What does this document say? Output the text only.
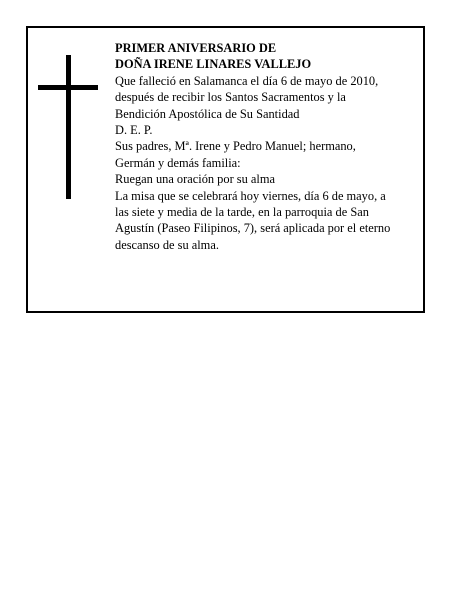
PRIMER ANIVERSARIO DE
DOÑA IRENE LINARES VALLEJO
Que falleció en Salamanca el día 6 de mayo de 2010,
después de recibir los Santos Sacramentos y la
Bendición Apostólica de Su Santidad
D. E. P.
Sus padres, Mª. Irene y Pedro Manuel; hermano,
Germán y demás familia:
Ruegan una oración por su alma
La misa que se celebrará hoy viernes, día 6 de mayo, a
las siete y media de la tarde, en la parroquia de San
Agustín (Paseo Filipinos, 7), será aplicada por el eterno
descanso de su alma.
